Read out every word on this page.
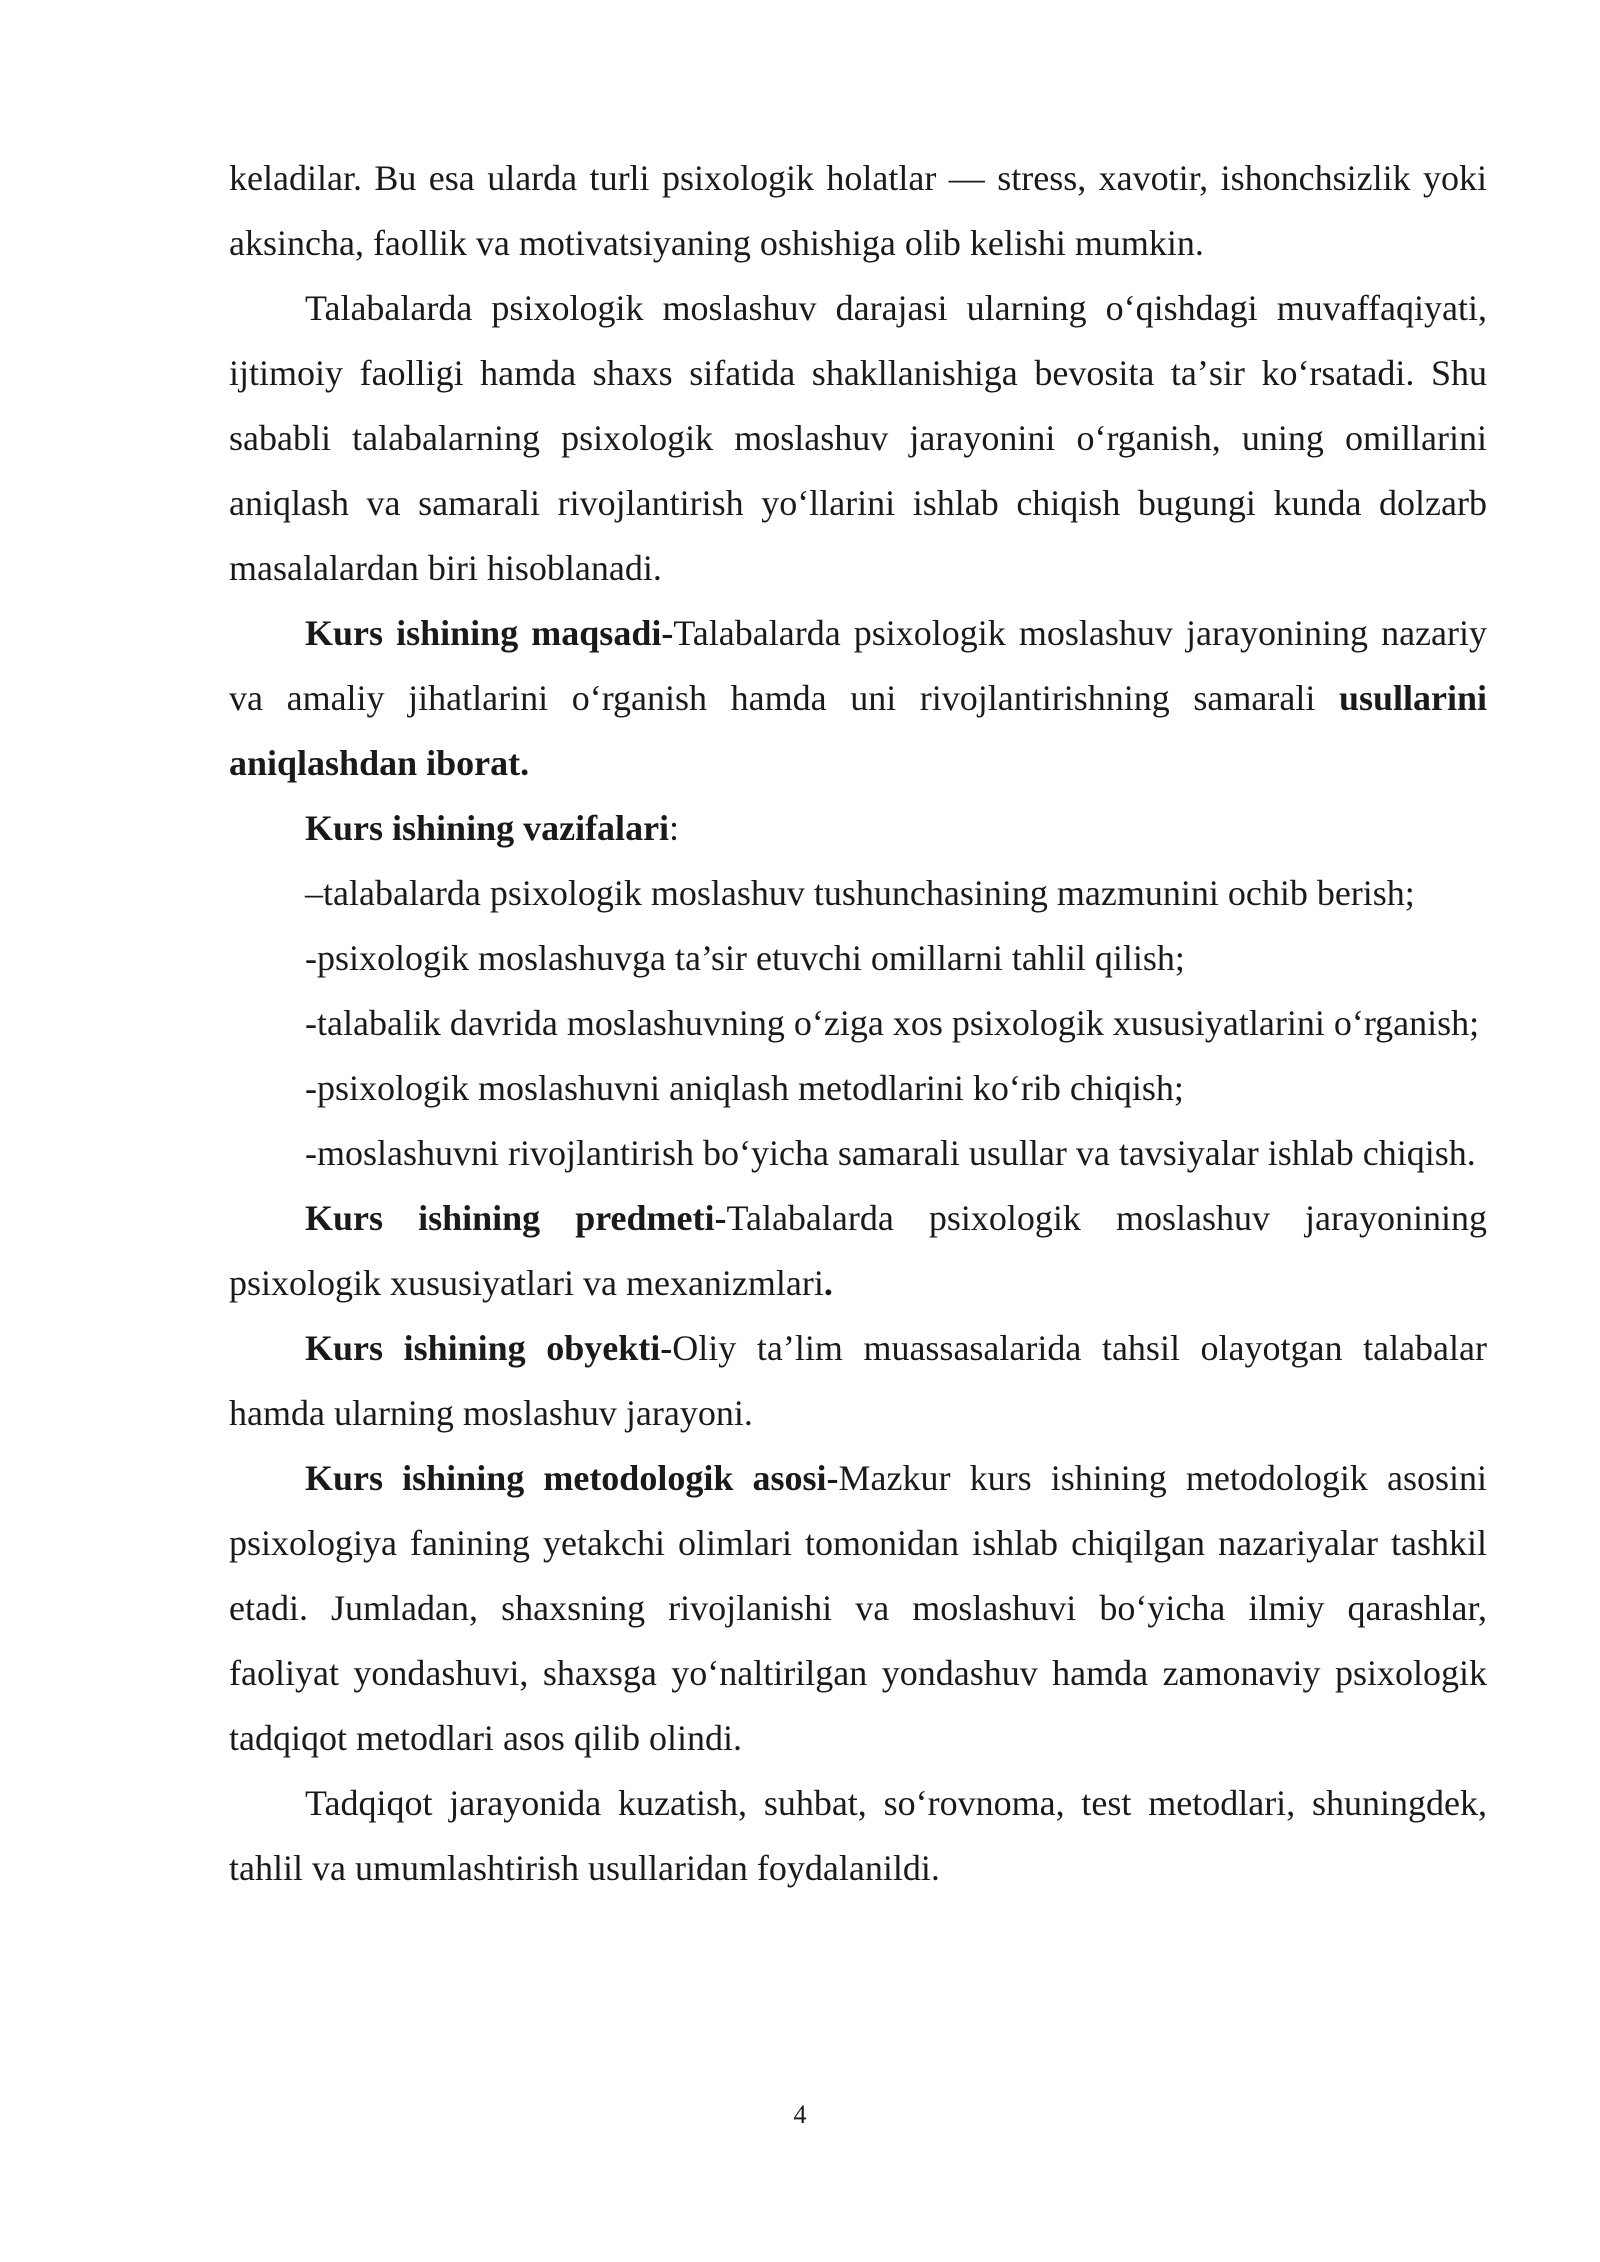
keladilar. Bu esa ularda turli psixologik holatlar — stress, xavotir, ishonchsizlik yoki aksincha, faollik va motivatsiyaning oshishiga olib kelishi mumkin.

Talabalarda psixologik moslashuv darajasi ularning oʻqishdagi muvaffaqiyati, ijtimoiy faolligi hamda shaxs sifatida shakllanishiga bevosita taʼsir koʻrsatadi. Shu sababli talabalarning psixologik moslashuv jarayonini oʻrganish, uning omillarini aniqlash va samarali rivojlantirish yoʻllarini ishlab chiqish bugungi kunda dolzarb masalalardan biri hisoblanadi.

Kurs ishining maqsadi-Talabalarda psixologik moslashuv jarayonining nazariy va amaliy jihatlarini oʻrganish hamda uni rivojlantirishning samarali usullarini aniqlashdan iborat.

Kurs ishining vazifalari:

–talabalarda psixologik moslashuv tushunchasining mazmunini ochib berish;

-psixologik moslashuvga ta’sir etuvchi omillarni tahlil qilish;

-talabalik davrida moslashuvning oʻziga xos psixologik xususiyatlarini oʻrganish;

-psixologik moslashuvni aniqlash metodlarini koʻrib chiqish;

-moslashuvni rivojlantirish boʻyicha samarali usullar va tavsiyalar ishlab chiqish.

Kurs ishining predmeti-Talabalarda psixologik moslashuv jarayonining psixologik xususiyatlari va mexanizmlari.

Kurs ishining obyekti-Oliy ta’lim muassasalarida tahsil olayotgan talabalar hamda ularning moslashuv jarayoni.

Kurs ishining metodologik asosi-Mazkur kurs ishining metodologik asosini psixologiya fanining yetakchi olimlari tomonidan ishlab chiqilgan nazariyalar tashkil etadi. Jumladan, shaxsning rivojlanishi va moslashuvi boʻyicha ilmiy qarashlar, faoliyat yondashuvi, shaxsga yoʻnaltirilgan yondashuv hamda zamonaviy psixologik tadqiqot metodlari asos qilib olindi.

Tadqiqot jarayonida kuzatish, suhbat, soʻrovnoma, test metodlari, shuningdek, tahlil va umumlashtirish usullaridan foydalanildi.

4
